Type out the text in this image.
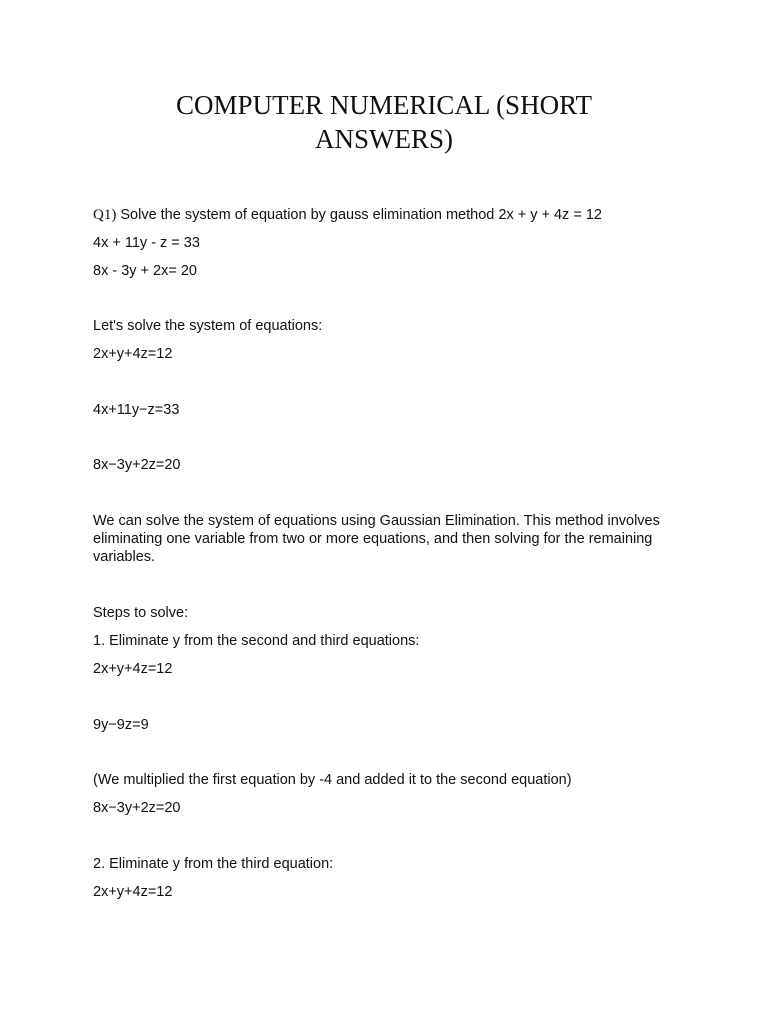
COMPUTER NUMERICAL (SHORT
ANSWERS)

Q1) Solve the system of equation by gauss elimination method 2x + y + 4z = 12

4x + 11y - z = 33

8x - 3y + 2x= 20

Let's solve the system of equations:

2x+y+4z=12

4x+11y−z=33

8x−3y+2z=20

We can solve the system of equations using Gaussian Elimination. This method involves eliminating one variable from two or more equations, and then solving for the remaining variables.

Steps to solve:

1. Eliminate y from the second and third equations:

2x+y+4z=12

9y−9z=9

(We multiplied the first equation by -4 and added it to the second equation)

8x−3y+2z=20

2. Eliminate y from the third equation:

2x+y+4z=12
